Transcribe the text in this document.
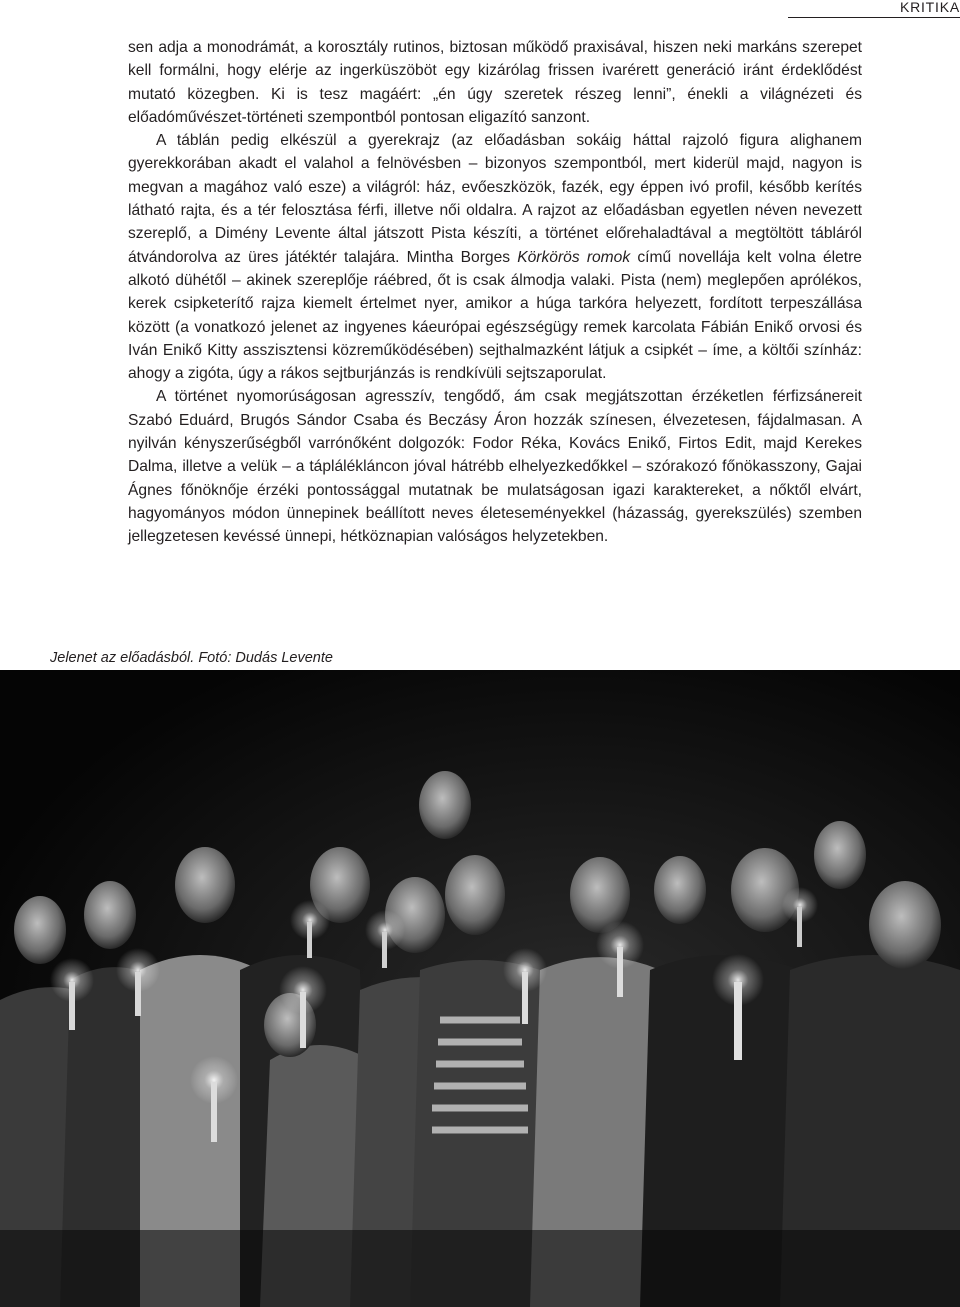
KRITIKA

sen adja a monodrámát, a korosztály rutinos, biztosan működő praxisával, hiszen neki markáns szerepet kell formálni, hogy elérje az ingerküszöböt egy kizárólag frissen ivarérett generáció iránt érdeklődést mutató közegben. Ki is tesz magáért: „én úgy szeretek részeg lenni”, énekli a világnézeti és előadóművészet-történeti szempontból pontosan eligazító sanzont.

A táblán pedig elkészül a gyerekrajz (az előadásban sokáig háttal rajzoló figura alighanem gyerekkorában akadt el valahol a felnövésben – bizonyos szempontból, mert kiderül majd, nagyon is megvan a magához való esze) a világról: ház, evőeszközök, fazék, egy éppen ivó profil, később kerítés látható rajta, és a tér felosztása férfi, illetve női oldalra. A rajzot az előadásban egyetlen néven nevezett szereplő, a Dimény Levente által játszott Pista készíti, a történet előrehaladtával a megtöltött tábláról átvándorolva az üres játéktér talajára. Mintha Borges Körkörös romok című novellája kelt volna életre alkotó dühétől – akinek szereplője ráébred, őt is csak álmodja valaki. Pista (nem) meglepően aprólékos, kerek csipketerítő rajza kiemelt értelmet nyer, amikor a húga tarkóra helyezett, fordított terpeszállása között (a vonatkozó jelenet az ingyenes káeurópai egészségügy remek karcolata Fábián Enikő orvosi és Iván Enikő Kitty asszisztensi közreműködésében) sejthalmazként látjuk a csipkét – íme, a költői színház: ahogy a zigóta, úgy a rákos sejtburjánzás is rendkívüli sejtszaporulat.

A történet nyomorúságosan agresszív, tengődő, ám csak megjátszottan érzéketlen férfizsánereit Szabó Eduárd, Brugós Sándor Csaba és Beczásy Áron hozzák színesen, élvezetesen, fájdalmasan. A nyilván kényszerűségből varrónőként dolgozók: Fodor Réka, Kovács Enikő, Firtos Edit, majd Kerekes Dalma, illetve a velük – a táplálékláncon jóval hátrébb elhelyezkedőkkel – szórakozó főnökasszony, Gajai Ágnes főnöknője érzéki pontossággal mutatnak be mulatságosan igazi karaktereket, a nőktől elvárt, hagyományos módon ünnepinek beállított neves életeseményekkel (házasság, gyerekszülés) szemben jellegzetesen kevéssé ünnepi, hétköznapian valóságos helyzetekben.

Jelenet az előadásból. Fotó: Dudás Levente
